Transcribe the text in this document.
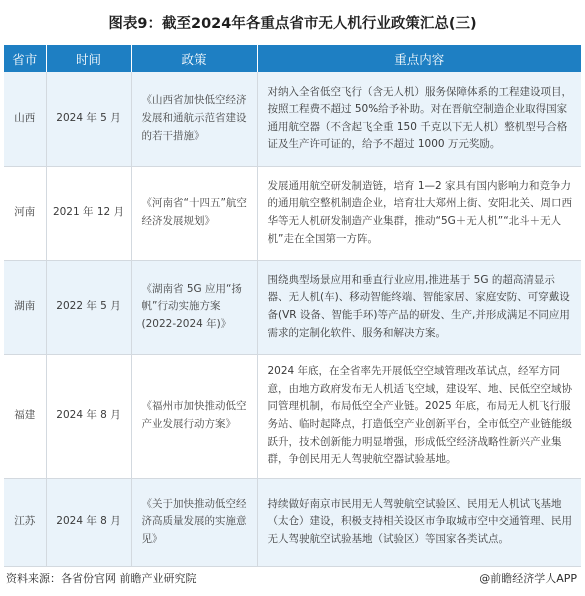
图表9：截至2024年各重点省市无人机行业政策汇总(三)
省市	时间	政策	重点内容
山西	2024 年 5 月	《山西省加快低空经济发展和通航示范省建设的若干措施》	对纳入全省低空飞行（含无人机）服务保障体系的工程建设项目，按照工程费不超过 50%给予补助。对在晋航空制造企业取得国家通用航空器（不含起飞全重 150 千克以下无人机）整机型号合格证及生产许可证的，给予不超过 1000 万元奖励。
河南	2021 年 12 月	《河南省“十四五”航空经济发展规划》	发展通用航空研发制造链，培育 1—2 家具有国内影响力和竞争力的通用航空整机制造企业，培育壮大郑州上街、安阳北关、周口西华等无人机研发制造产业集群，推动“5G＋无人机”“北斗＋无人机”走在全国第一方阵。
湖南	2022 年 5 月	《湖南省 5G 应用“扬帆”行动实施方案(2022-2024 年)》	围绕典型场景应用和垂直行业应用,推进基于 5G 的超高清显示器、无人机(车)、移动智能终端、智能家居、家庭安防、可穿戴设备(VR 设备、智能手环)等产品的研发、生产,并形成满足不同应用需求的定制化软件、服务和解决方案。
福建	2024 年 8 月	《福州市加快推动低空产业发展行动方案》	2024 年底，在全省率先开展低空空域管理改革试点，经军方同意，由地方政府发布无人机适飞空域，建设军、地、民低空空域协同管理机制，布局低空全产业链。2025 年底，布局无人机飞行服务站、临时起降点，打造低空产业创新平台，全市低空产业链能级跃升，技术创新能力明显增强，形成低空经济战略性新兴产业集群，争创民用无人驾驶航空器试验基地。
江苏	2024 年 8 月	《关于加快推动低空经济高质量发展的实施意见》	持续做好南京市民用无人驾驶航空试验区、民用无人机试飞基地（太仓）建设，积极支持相关设区市争取城市空中交通管理、民用无人驾驶航空试验基地（试验区）等国家各类试点。
资料来源：各省份官网 前瞻产业研究院	@前瞻经济学人APP
